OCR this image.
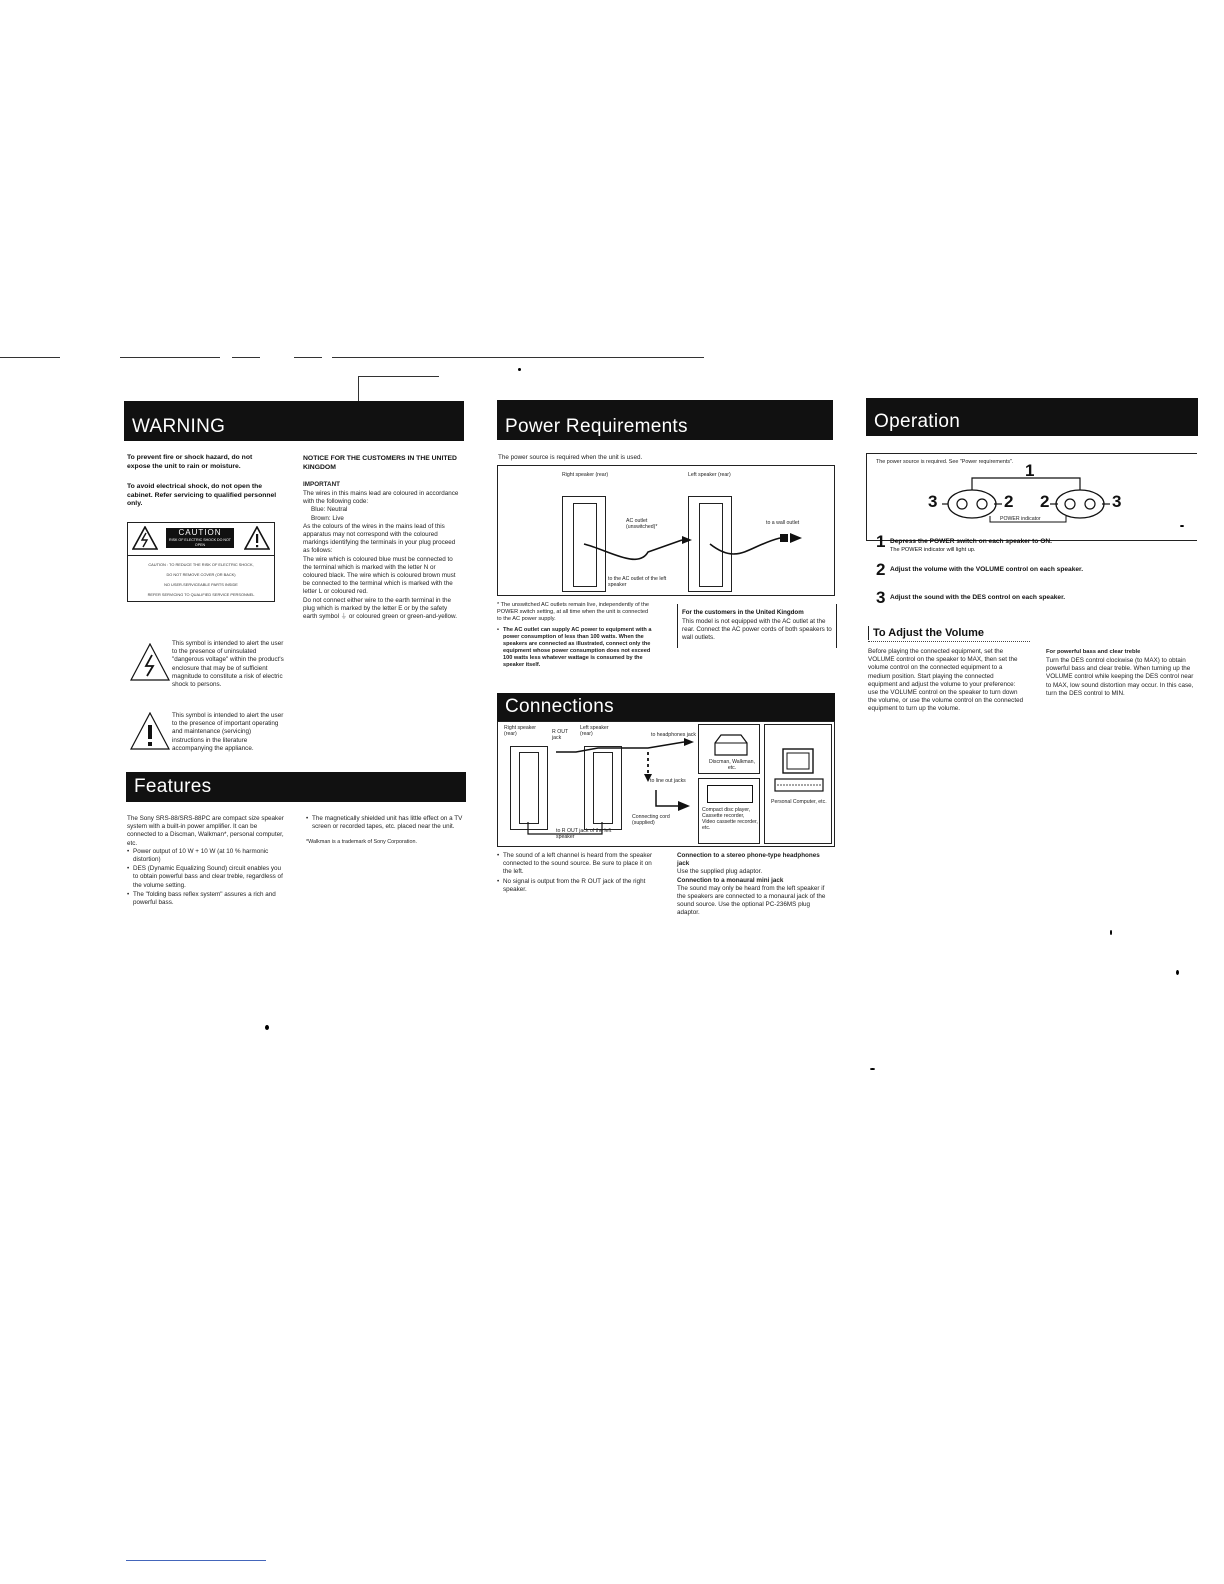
WARNING
To prevent fire or shock hazard, do not expose the unit to rain or moisture.
To avoid electrical shock, do not open the cabinet. Refer servicing to qualified personnel only.
CAUTION
RISK OF ELECTRIC SHOCK DO NOT OPEN
CAUTION : TO REDUCE THE RISK OF ELECTRIC SHOCK,
DO NOT REMOVE COVER (OR BACK)
NO USER-SERVICEABLE PARTS INSIDE
REFER SERVICING TO QUALIFIED SERVICE PERSONNEL
This symbol is intended to alert the user to the presence of uninsulated "dangerous voltage" within the product's enclosure that may be of sufficient magnitude to constitute a risk of electric shock to persons.
This symbol is intended to alert the user to the presence of important operating and maintenance (servicing) instructions in the literature accompanying the appliance.
NOTICE FOR THE CUSTOMERS IN THE UNITED KINGDOM
IMPORTANT
The wires in this mains lead are coloured in accordance with the following code:
Blue: Neutral
Brown: Live
As the colours of the wires in the mains lead of this apparatus may not correspond with the coloured markings identifying the terminals in your plug proceed as follows:
The wire which is coloured blue must be connected to the terminal which is marked with the letter N or coloured black. The wire which is coloured brown must be connected to the terminal which is marked with the letter L or coloured red.
Do not connect either wire to the earth terminal in the plug which is marked by the letter E or by the safety earth symbol ⏚ or coloured green or green-and-yellow.
Features
The Sony SRS-88/SRS-88PC are compact size speaker system with a built-in power amplifier. It can be connected to a Discman, Walkman*, personal computer, etc.
• Power output of 10 W + 10 W (at 10 % harmonic distortion)
• DES (Dynamic Equalizing Sound) circuit enables you to obtain powerful bass and clear treble, regardless of the volume setting.
• The "folding bass reflex system" assures a rich and powerful bass.
• The magnetically shielded unit has little effect on a TV screen or recorded tapes, etc. placed near the unit.
*Walkman is a trademark of Sony Corporation.
Power Requirements
The power source is required when the unit is used.
Right speaker (rear)	Left speaker (rear)
AC outlet (unswitched)*
to a wall outlet
to the AC outlet of the left speaker
* The unswitched AC outlets remain live, independently of the POWER switch setting, at all time when the unit is connected to the AC power supply.
• The AC outlet can supply AC power to equipment with a power consumption of less than 100 watts. When the speakers are connected as illustrated, connect only the equipment whose power consumption does not exceed 100 watts less whatever wattage is consumed by the speaker itself.
For the customers in the United Kingdom
This model is not equipped with the AC outlet at the rear. Connect the AC power cords of both speakers to wall outlets.
Connections
Right speaker (rear)	R OUT jack
Left speaker (rear)	to headphones jack
to line out jacks
Connecting cord (supplied)
to R OUT jack of the left speaker
Discman, Walkman, etc.
Compact disc player, Cassette recorder, Video cassette recorder, etc.
Personal Computer, etc.
• The sound of a left channel is heard from the speaker connected to the sound source. Be sure to place it on the left.
• No signal is output from the R OUT jack of the right speaker.
Connection to a stereo phone-type headphones jack
Use the supplied plug adaptor.
Connection to a monaural mini jack
The sound may only be heard from the left speaker if the speakers are connected to a monaural jack of the sound source. Use the optional PC-236MS plug adaptor.
Operation
The power source is required. See "Power requirements". 1
3	2 2	3
POWER indicator
1 Depress the POWER switch on each speaker to ON.
The POWER indicator will light up.
2 Adjust the volume with the VOLUME control on each speaker.
3 Adjust the sound with the DES control on each speaker.
To Adjust the Volume
Before playing the connected equipment, set the VOLUME control on the speaker to MAX, then set the volume control on the connected equipment to a medium position. Start playing the connected equipment and adjust the volume to your preference: use the VOLUME control on the speaker to turn down the volume, or use the volume control on the connected equipment to turn up the volume.
For powerful bass and clear treble
Turn the DES control clockwise (to MAX) to obtain powerful bass and clear treble. When turning up the VOLUME control while keeping the DES control near to MAX, low sound distortion may occur. In this case, turn the DES control to MIN.
